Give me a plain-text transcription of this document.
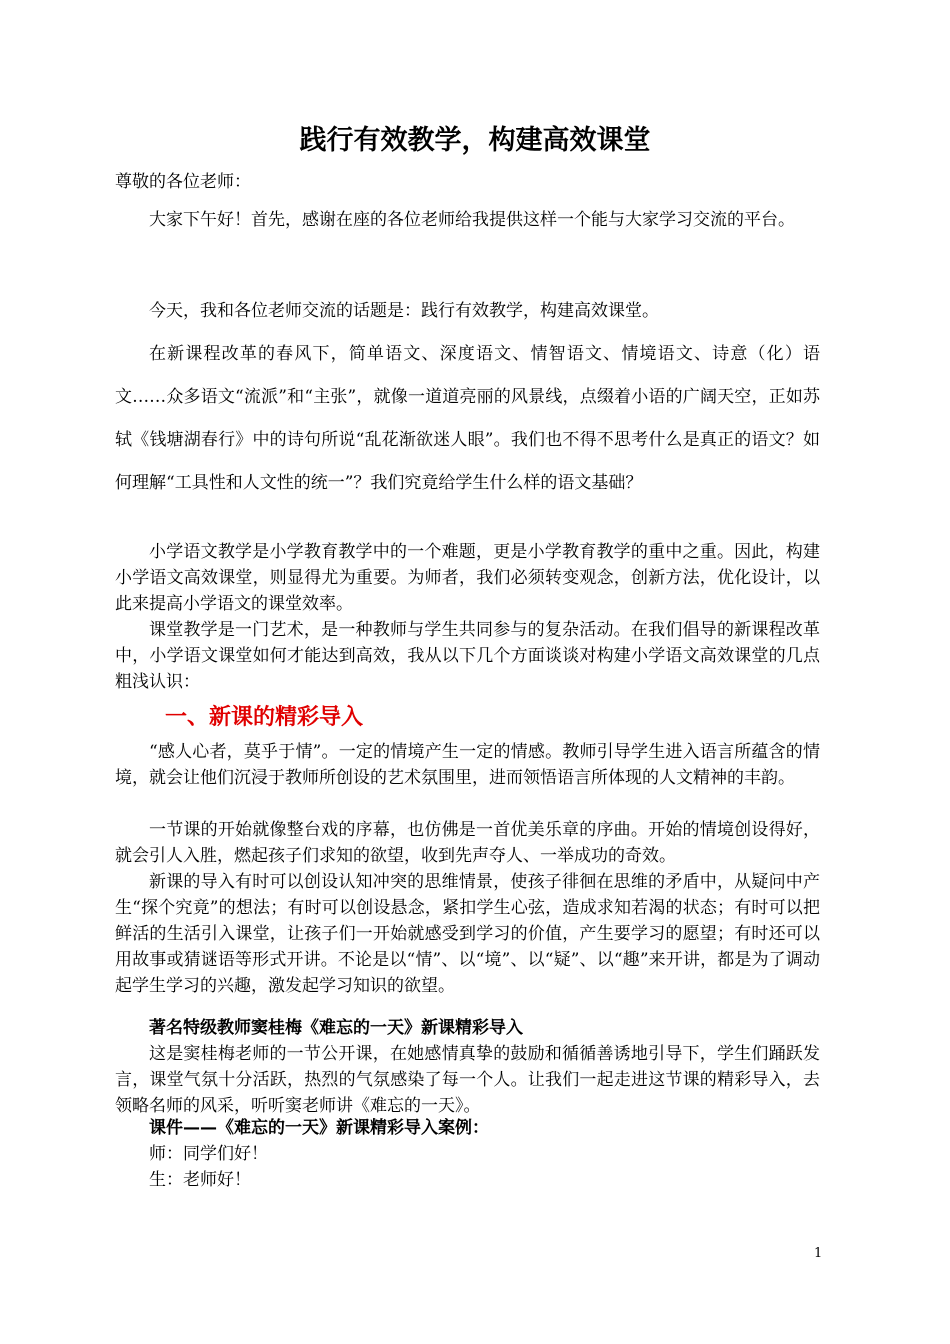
践行有效教学，构建高效课堂
尊敬的各位老师：

大家下午好！首先，感谢在座的各位老师给我提供这样一个能与大家学习交流的平台。

今天，我和各位老师交流的话题是：践行有效教学，构建高效课堂。

在新课程改革的春风下，简单语文、深度语文、情智语文、情境语文、诗意（化）语文……众多语文“流派”和“主张”，就像一道道亮丽的风景线，点缀着小语的广阔天空，正如苏轼《钱塘湖春行》中的诗句所说“乱花渐欲迷人眼”。我们也不得不思考什么是真正的语文？如何理解“工具性和人文性的统一”？我们究竟给学生什么样的语文基础？

小学语文教学是小学教育教学中的一个难题，更是小学教育教学的重中之重。因此，构建小学语文高效课堂，则显得尤为重要。为师者，我们必须转变观念，创新方法，优化设计，以此来提高小学语文的课堂效率。

课堂教学是一门艺术，是一种教师与学生共同参与的复杂活动。在我们倡导的新课程改革中，小学语文课堂如何才能达到高效，我从以下几个方面谈谈对构建小学语文高效课堂的几点粗浅认识：

一、新课的精彩导入

“感人心者，莫乎于情”。一定的情境产生一定的情感。教师引导学生进入语言所蕴含的情境，就会让他们沉浸于教师所创设的艺术氛围里，进而领悟语言所体现的人文精神的丰韵。

一节课的开始就像整台戏的序幕，也仿佛是一首优美乐章的序曲。开始的情境创设得好，就会引人入胜，燃起孩子们求知的欲望，收到先声夺人、一举成功的奇效。

新课的导入有时可以创设认知冲突的思维情景，使孩子徘徊在思维的矛盾中，从疑问中产生“探个究竟”的想法；有时可以创设悬念，紧扣学生心弦，造成求知若渴的状态；有时可以把鲜活的生活引入课堂，让孩子们一开始就感受到学习的价值，产生要学习的愿望；有时还可以用故事或猜谜语等形式开讲。不论是以“情”、以“境”、以“疑”、以“趣”来开讲，都是为了调动起学生学习的兴趣，激发起学习知识的欲望。

著名特级教师窦桂梅《难忘的一天》新课精彩导入

这是窦桂梅老师的一节公开课，在她感情真挚的鼓励和循循善诱地引导下，学生们踊跃发言，课堂气氛十分活跃，热烈的气氛感染了每一个人。让我们一起走进这节课的精彩导入，去领略名师的风采，听听窦老师讲《难忘的一天》。

课件——《难忘的一天》新课精彩导入案例：
师：同学们好！
生：老师好！
1
